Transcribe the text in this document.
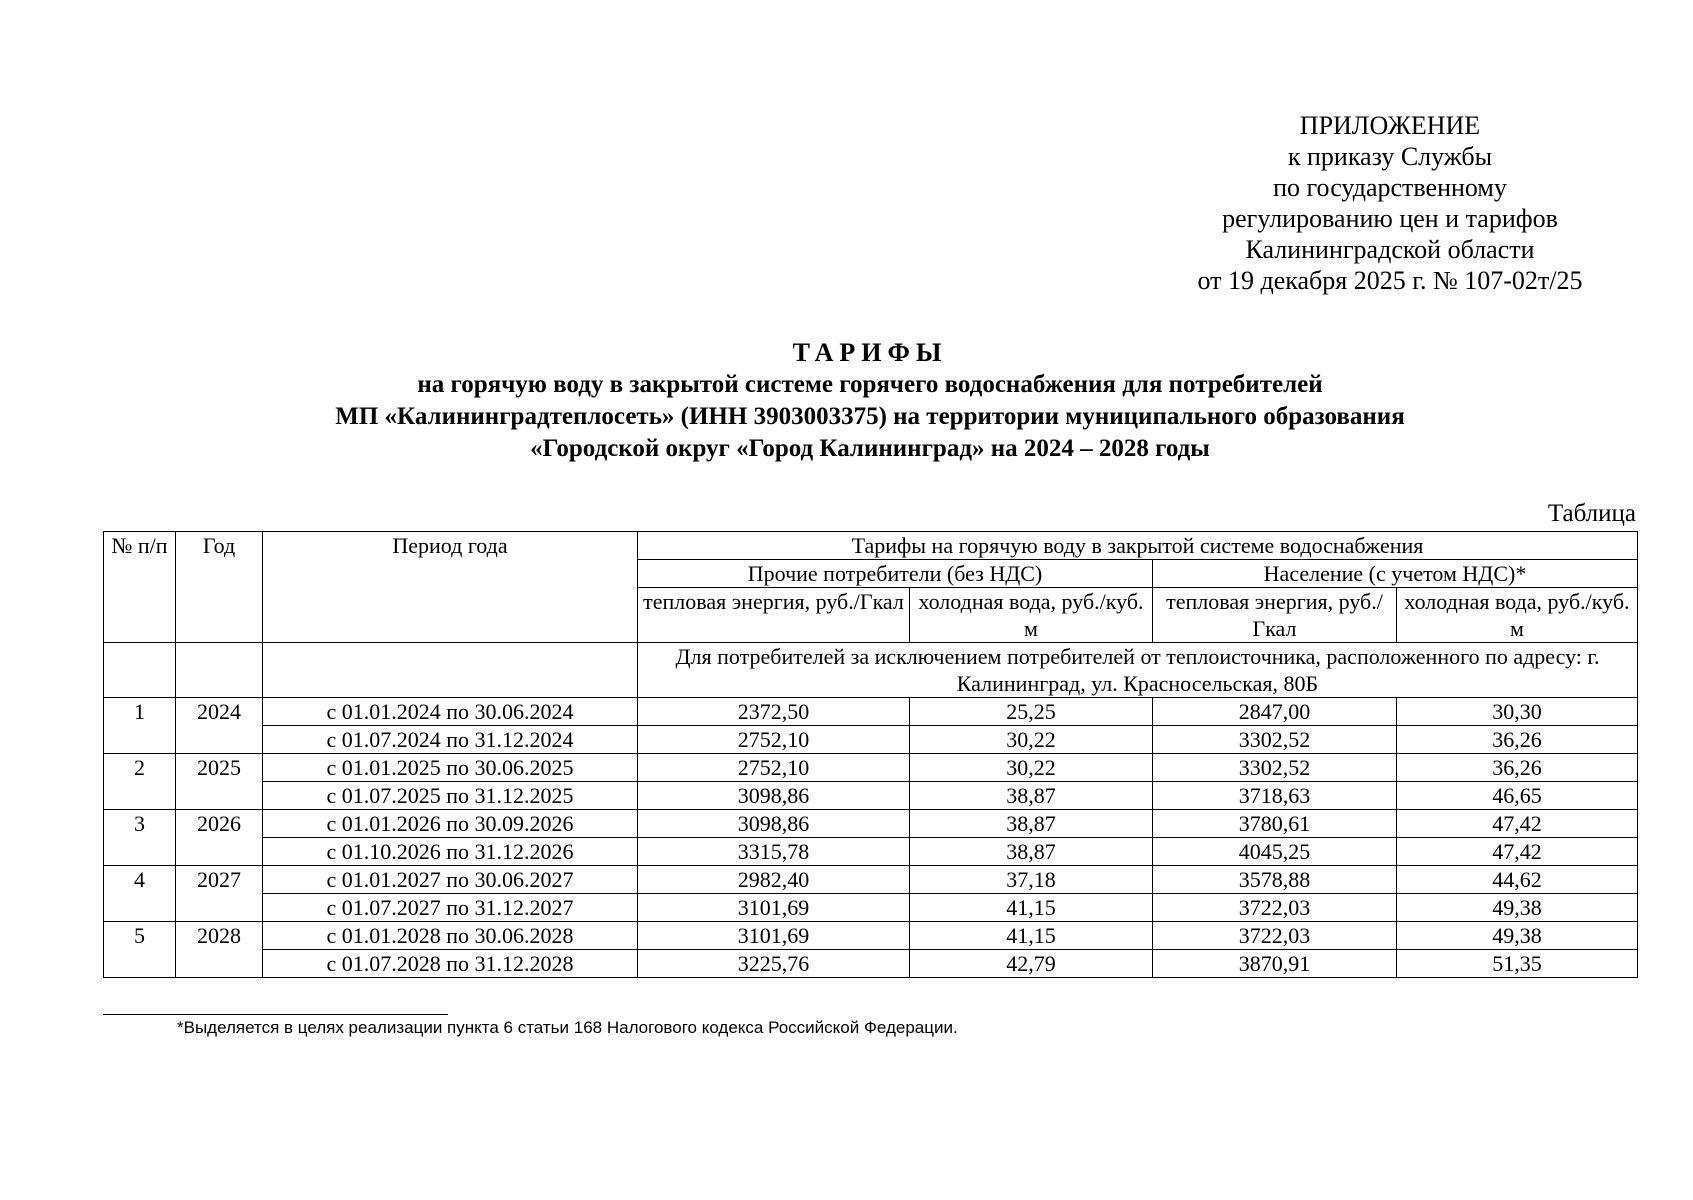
ПРИЛОЖЕНИЕ
к приказу Службы
по государственному
регулированию цен и тарифов
Калининградской области
от 19 декабря 2025 г. № 107-02т/25
ТАРИФЫ
на горячую воду в закрытой системе горячего водоснабжения для потребителей
МП «Калининградтеплосеть» (ИНН 3903003375) на территории муниципального образования
«Городской округ «Город Калининград» на 2024 – 2028 годы
Таблица
№ п/п	Год	Период года	Тарифы на горячую воду в закрытой системе водоснабжения			
			Прочие потребители (без НДС)		Население (с учетом НДС)*	
			тепловая энергия, руб./Гкал	холодная вода, руб./куб. м	тепловая энергия, руб./Гкал	холодная вода, руб./куб. м
			Для потребителей за исключением потребителей от теплоисточника, расположенного по адресу: г. Калининград, ул. Красносельская, 80Б			
1	2024	с 01.01.2024 по 30.06.2024	2372,50	25,25	2847,00	30,30
		с 01.07.2024 по 31.12.2024	2752,10	30,22	3302,52	36,26
2	2025	с 01.01.2025 по 30.06.2025	2752,10	30,22	3302,52	36,26
		с 01.07.2025 по 31.12.2025	3098,86	38,87	3718,63	46,65
3	2026	с 01.01.2026 по 30.09.2026	3098,86	38,87	3780,61	47,42
		с 01.10.2026 по 31.12.2026	3315,78	38,87	4045,25	47,42
4	2027	с 01.01.2027 по 30.06.2027	2982,40	37,18	3578,88	44,62
		с 01.07.2027 по 31.12.2027	3101,69	41,15	3722,03	49,38
5	2028	с 01.01.2028 по 30.06.2028	3101,69	41,15	3722,03	49,38
		с 01.07.2028 по 31.12.2028	3225,76	42,79	3870,91	51,35
*Выделяется в целях реализации пункта 6 статьи 168 Налогового кодекса Российской Федерации.
